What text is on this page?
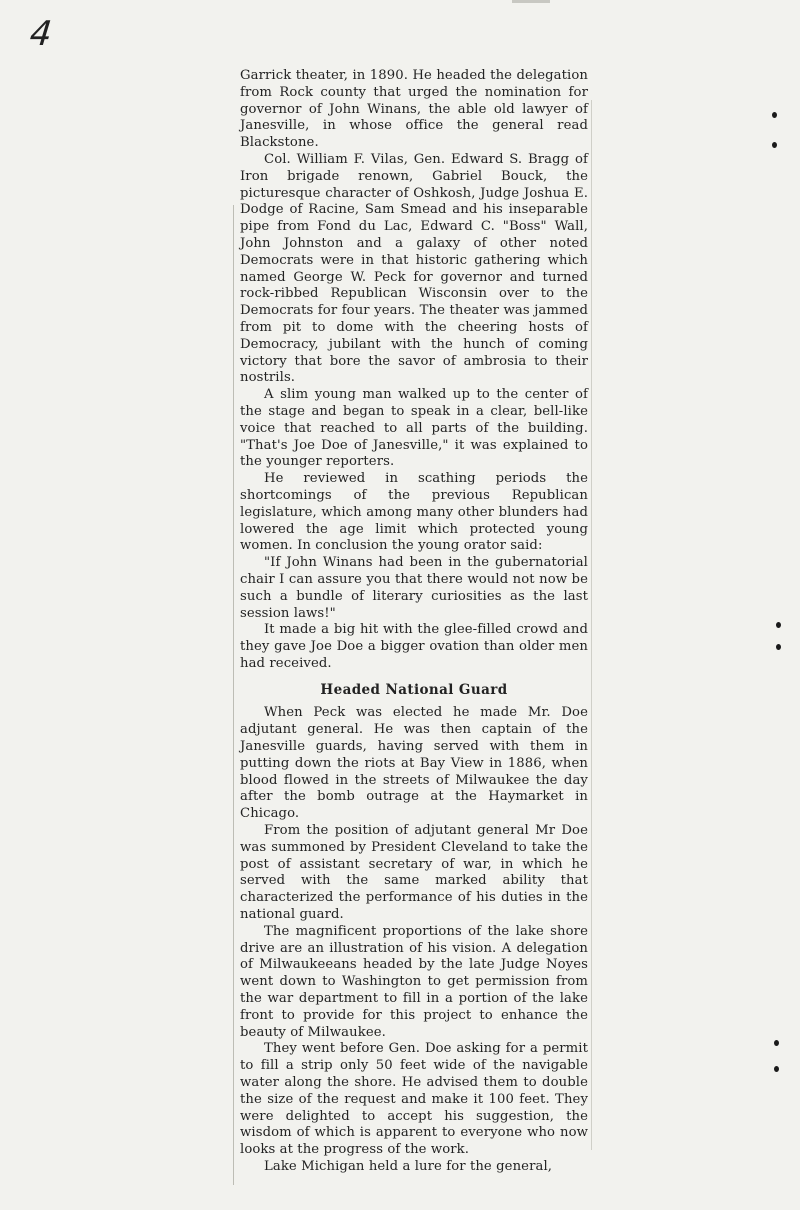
4

Garrick theater, in 1890. He headed the delegation from Rock county that urged the nomination for governor of John Winans, the able old lawyer of Janesville, in whose office the general read Blackstone.

Col. William F. Vilas, Gen. Edward S. Bragg of Iron brigade renown, Gabriel Bouck, the picturesque character of Oshkosh, Judge Joshua E. Dodge of Racine, Sam Smead and his inseparable pipe from Fond du Lac, Edward C. "Boss" Wall, John Johnston and a galaxy of other noted Democrats were in that historic gathering which named George W. Peck for governor and turned rock-ribbed Republican Wisconsin over to the Democrats for four years. The theater was jammed from pit to dome with the cheering hosts of Democracy, jubilant with the hunch of coming victory that bore the savor of ambrosia to their nostrils.

A slim young man walked up to the center of the stage and began to speak in a clear, bell-like voice that reached to all parts of the building. "That's Joe Doe of Janesville," it was explained to the younger reporters.

He reviewed in scathing periods the shortcomings of the previous Republican legislature, which among many other blunders had lowered the age limit which protected young women. In conclusion the young orator said:

"If John Winans had been in the gubernatorial chair I can assure you that there would not now be such a bundle of literary curiosities as the last session laws!"

It made a big hit with the glee-filled crowd and they gave Joe Doe a bigger ovation than older men had received.

Headed National Guard

When Peck was elected he made Mr. Doe adjutant general. He was then captain of the Janesville guards, having served with them in putting down the riots at Bay View in 1886, when blood flowed in the streets of Milwaukee the day after the bomb outrage at the Haymarket in Chicago.

From the position of adjutant general Mr Doe was summoned by President Cleveland to take the post of assistant secretary of war, in which he served with the same marked ability that characterized the performance of his duties in the national guard.

The magnificent proportions of the lake shore drive are an illustration of his vision. A delegation of Milwaukeeans headed by the late Judge Noyes went down to Washington to get permission from the war department to fill in a portion of the lake front to provide for this project to enhance the beauty of Milwaukee.

They went before Gen. Doe asking for a permit to fill a strip only 50 feet wide of the navigable water along the shore. He advised them to double the size of the request and make it 100 feet. They were delighted to accept his suggestion, the wisdom of which is apparent to everyone who now looks at the progress of the work.

Lake Michigan held a lure for the general,
